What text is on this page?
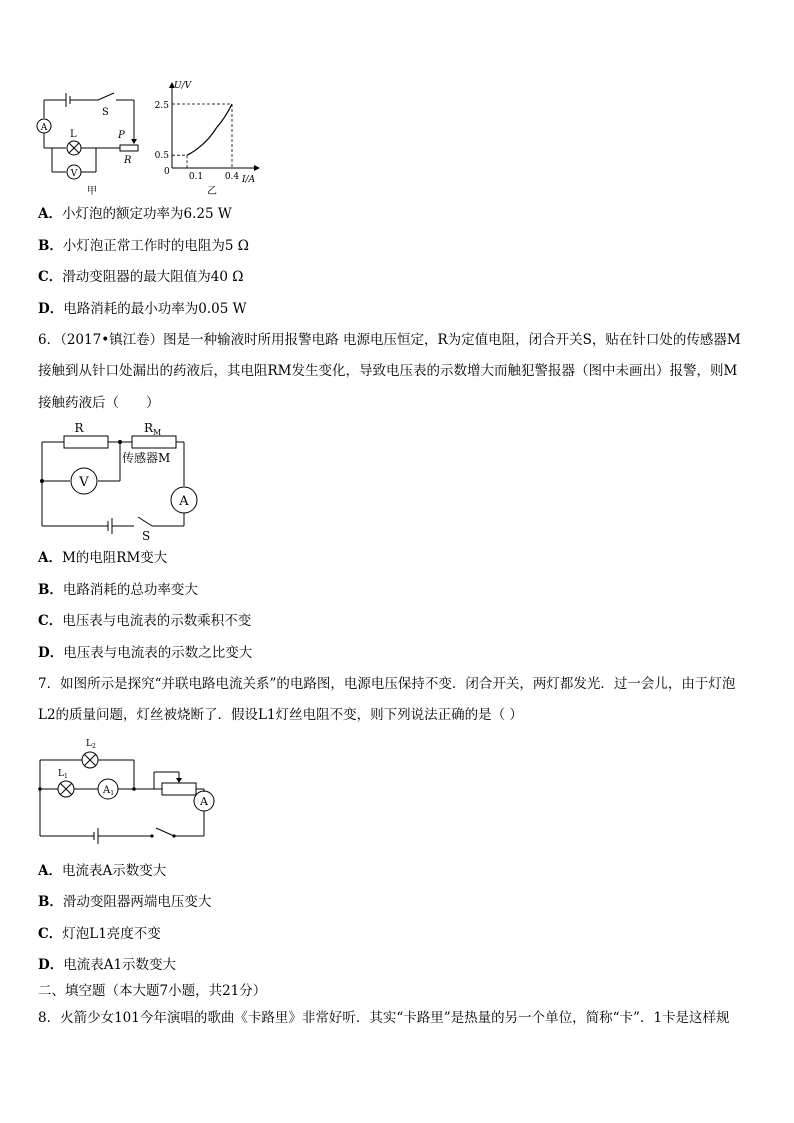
A
V
L
S
P
R
甲
U/V
I/A
0
2.5
0.5
0.1 0.4
乙
A．小灯泡的额定功率为6.25 W
B．小灯泡正常工作时的电阻为5 Ω
C．滑动变阻器的最大阻值为40 Ω
D．电路消耗的最小功率为0.05 W
6．（2017•镇江卷）图是一种输液时所用报警电路 电源电压恒定，R为定值电阻，闭合开关S，贴在针口处的传感器M
接触到从针口处漏出的药液后，其电阻RM发生变化，导致电压表的示数增大而触犯警报器（图中未画出）报警，则M
接触药液后（　　）
R	$R_M$
传感器M
V
A
S
A．M的电阻RM变大
B．电路消耗的总功率变大
C．电压表与电流表的示数乘积不变
D．电压表与电流表的示数之比变大
7．如图所示是探究“并联电路电流关系”的电路图，电源电压保持不变．闭合开关，两灯都发光．过一会儿，由于灯泡
L2的质量问题，灯丝被烧断了．假设L1灯丝电阻不变，则下列说法正确的是（ ）
$L_2$
$L_1$
$A_1$
A
A．电流表A示数变大
B．滑动变阻器两端电压变大
C．灯泡L1亮度不变
D．电流表A1示数变大
二、填空题（本大题7小题，共21分）
8．火箭少女101今年演唱的歌曲《卡路里》非常好听．其实“卡路里”是热量的另一个单位，简称“卡”．1卡是这样规
